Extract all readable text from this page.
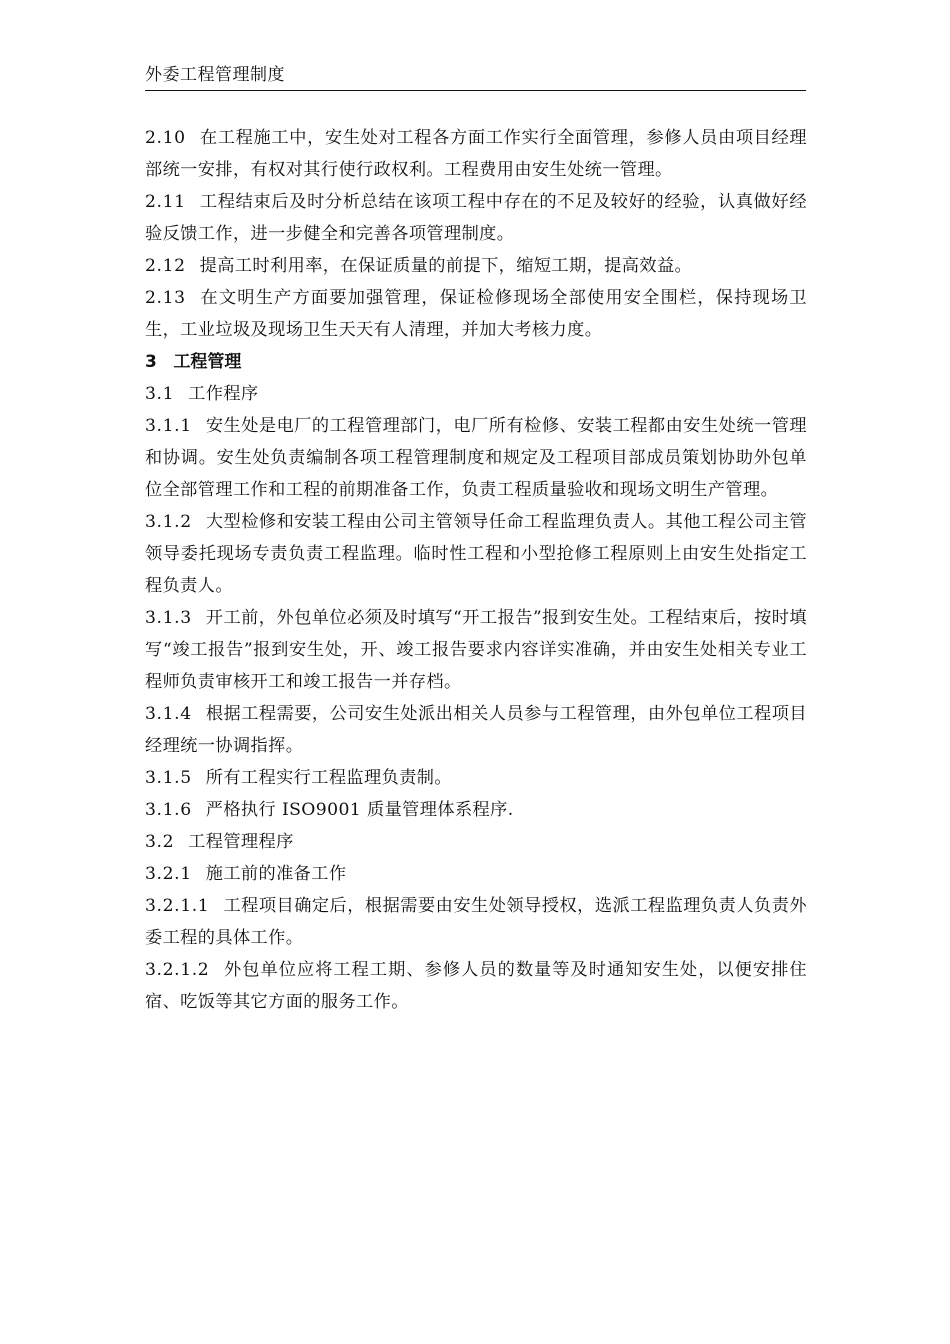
外委工程管理制度

2.10 在工程施工中，安生处对工程各方面工作实行全面管理，参修人员由项目经理部统一安排，有权对其行使行政权利。工程费用由安生处统一管理。

2.11 工程结束后及时分析总结在该项工程中存在的不足及较好的经验，认真做好经验反馈工作，进一步健全和完善各项管理制度。

2.12 提高工时利用率，在保证质量的前提下，缩短工期，提高效益。

2.13 在文明生产方面要加强管理，保证检修现场全部使用安全围栏，保持现场卫生，工业垃圾及现场卫生天天有人清理，并加大考核力度。

3 工程管理

3.1 工作程序

3.1.1 安生处是电厂的工程管理部门，电厂所有检修、安装工程都由安生处统一管理和协调。安生处负责编制各项工程管理制度和规定及工程项目部成员策划协助外包单位全部管理工作和工程的前期准备工作，负责工程质量验收和现场文明生产管理。

3.1.2 大型检修和安装工程由公司主管领导任命工程监理负责人。其他工程公司主管领导委托现场专责负责工程监理。临时性工程和小型抢修工程原则上由安生处指定工程负责人。

3.1.3 开工前，外包单位必须及时填写“开工报告”报到安生处。工程结束后，按时填写“竣工报告”报到安生处，开、竣工报告要求内容详实准确，并由安生处相关专业工程师负责审核开工和竣工报告一并存档。

3.1.4 根据工程需要，公司安生处派出相关人员参与工程管理，由外包单位工程项目经理统一协调指挥。

3.1.5 所有工程实行工程监理负责制。

3.1.6 严格执行 ISO9001 质量管理体系程序.

3.2 工程管理程序

3.2.1 施工前的准备工作

3.2.1.1 工程项目确定后，根据需要由安生处领导授权，选派工程监理负责人负责外委工程的具体工作。

3.2.1.2 外包单位应将工程工期、参修人员的数量等及时通知安生处，以便安排住宿、吃饭等其它方面的服务工作。
